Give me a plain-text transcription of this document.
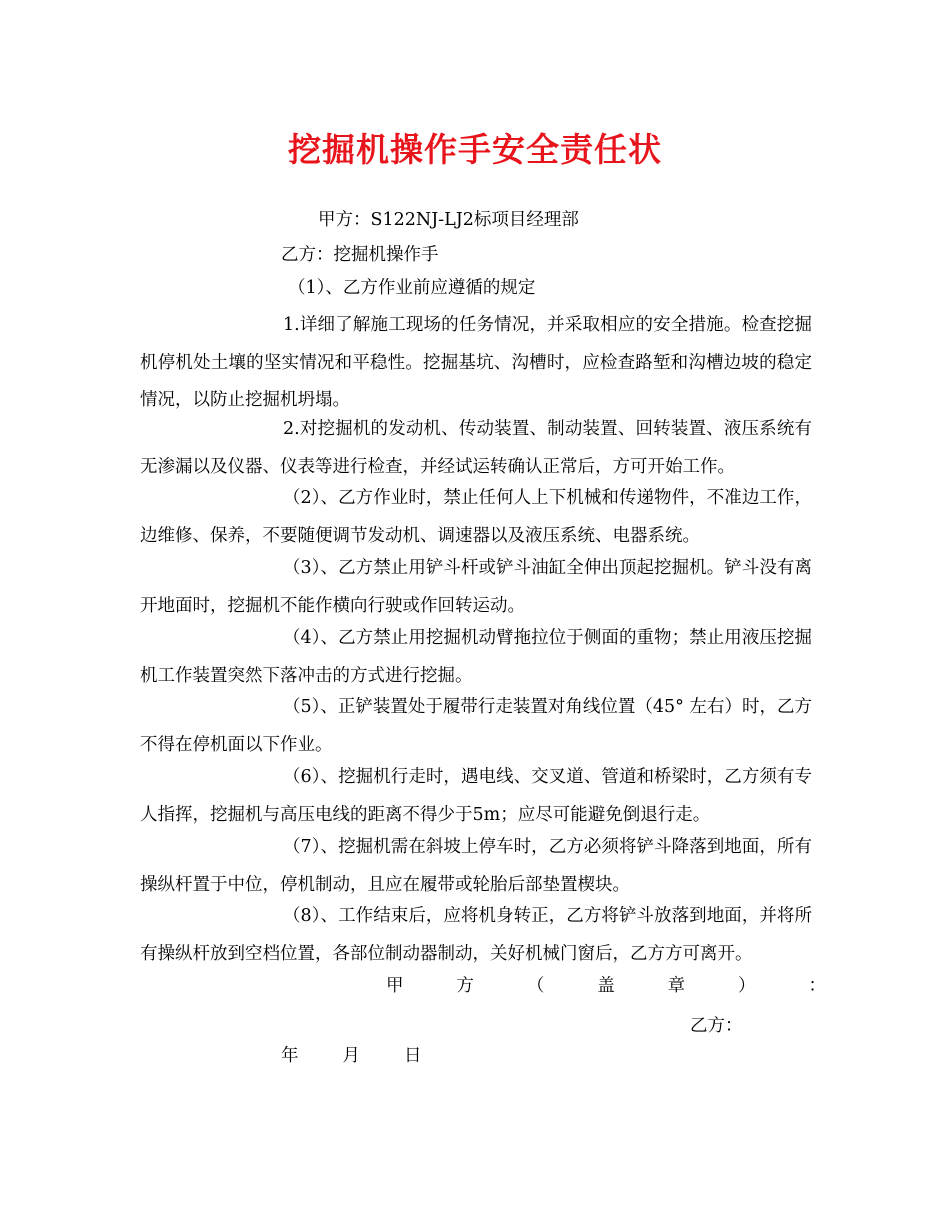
挖掘机操作手安全责任状
甲方：S122NJ-LJ2标项目经理部
乙方：挖掘机操作手
（1）、乙方作业前应遵循的规定
1.详细了解施工现场的任务情况，并采取相应的安全措施。检查挖掘机停机处土壤的坚实情况和平稳性。挖掘基坑、沟槽时，应检查路堑和沟槽边坡的稳定情况，以防止挖掘机坍塌。
2.对挖掘机的发动机、传动装置、制动装置、回转装置、液压系统有无渗漏以及仪器、仪表等进行检查，并经试运转确认正常后，方可开始工作。
（2）、乙方作业时，禁止任何人上下机械和传递物件，不准边工作，边维修、保养，不要随便调节发动机、调速器以及液压系统、电器系统。
（3）、乙方禁止用铲斗杆或铲斗油缸全伸出顶起挖掘机。铲斗没有离开地面时，挖掘机不能作横向行驶或作回转运动。
（4）、乙方禁止用挖掘机动臂拖拉位于侧面的重物；禁止用液压挖掘机工作装置突然下落冲击的方式进行挖掘。
（5）、正铲装置处于履带行走装置对角线位置（45° 左右）时，乙方不得在停机面以下作业。
（6）、挖掘机行走时，遇电线、交叉道、管道和桥梁时，乙方须有专人指挥，挖掘机与高压电线的距离不得少于5m；应尽可能避免倒退行走。
（7）、挖掘机需在斜坡上停车时，乙方必须将铲斗降落到地面，所有操纵杆置于中位，停机制动，且应在履带或轮胎后部垫置楔块。
（8）、工作结束后，应将机身转正，乙方将铲斗放落到地面，并将所有操纵杆放到空档位置，各部位制动器制动，关好机械门窗后，乙方方可离开。
甲	方	（	盖	章	）	：
乙方：
年	月	日
